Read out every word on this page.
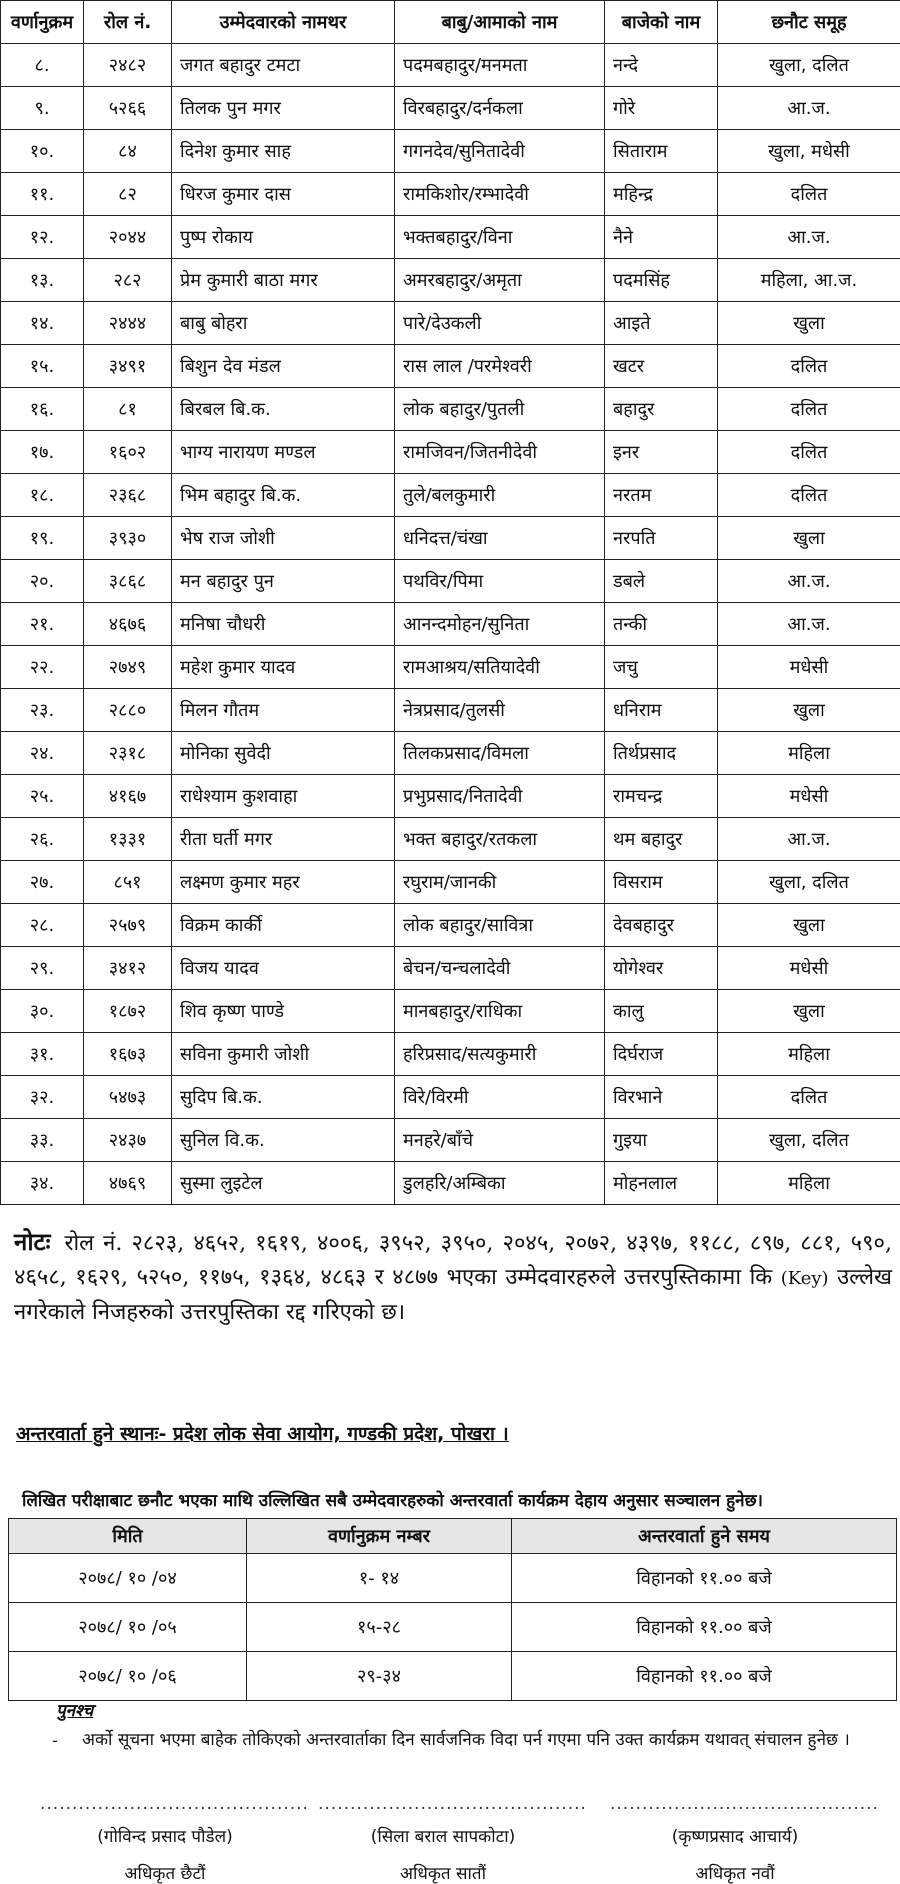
वर्णानुक्रम	रोल नं.	उम्मेदवारको नामथर	बाबु/आमाको नाम	बाजेको नाम	छनौट समूह
८.	२४८२	जगत बहादुर टमटा	पदमबहादुर/मनमता	नन्दे	खुला, दलित
९.	५२६६	तिलक पुन मगर	विरबहादुर/दर्नकला	गोरे	आ.ज.
१०.	८४	दिनेश कुमार साह	गगनदेव/सुनितादेवी	सिताराम	खुला, मधेसी
११.	८२	धिरज कुमार दास	रामकिशोर/रम्भादेवी	महिन्द्र	दलित
१२.	२०४४	पुष्प रोकाय	भक्तबहादुर/विना	नैने	आ.ज.
१३.	२८२	प्रेम कुमारी बाठा मगर	अमरबहादुर/अमृता	पदमसिंह	महिला, आ.ज.
१४.	२४४४	बाबु बोहरा	पारे/देउकली	आइते	खुला
१५.	३४९१	बिशुन देव मंडल	रास लाल /परमेश्वरी	खटर	दलित
१६.	८१	बिरबल बि.क.	लोक बहादुर/पुतली	बहादुर	दलित
१७.	१६०२	भाग्य नारायण मण्डल	रामजिवन/जितनीदेवी	इनर	दलित
१८.	२३६८	भिम बहादुर बि.क.	तुले/बलकुमारी	नरतम	दलित
१९.	३९३०	भेष राज जोशी	धनिदत्त/चंखा	नरपति	खुला
२०.	३८६८	मन बहादुर पुन	पथविर/पिमा	डबले	आ.ज.
२१.	४६७६	मनिषा चौधरी	आनन्दमोहन/सुनिता	तन्की	आ.ज.
२२.	२७४९	महेश कुमार यादव	रामआश्रय/सतियादेवी	जचु	मधेसी
२३.	२८८०	मिलन गौतम	नेत्रप्रसाद/तुलसी	धनिराम	खुला
२४.	२३१८	मोनिका सुवेदी	तिलकप्रसाद/विमला	तिर्थप्रसाद	महिला
२५.	४१६७	राधेश्याम कुशवाहा	प्रभुप्रसाद/नितादेवी	रामचन्द्र	मधेसी
२६.	१३३१	रीता घर्ती मगर	भक्त बहादुर/रतकला	थम बहादुर	आ.ज.
२७.	८५१	लक्ष्मण कुमार महर	रघुराम/जानकी	विसराम	खुला, दलित
२८.	२५७९	विक्रम कार्की	लोक बहादुर/सावित्रा	देवबहादुर	खुला
२९.	३४१२	विजय यादव	बेचन/चन्चलादेवी	योगेश्वर	मधेसी
३०.	१८७२	शिव कृष्ण पाण्डे	मानबहादुर/राधिका	कालु	खुला
३१.	१६७३	सविना कुमारी जोशी	हरिप्रसाद/सत्यकुमारी	दिर्घराज	महिला
३२.	५४७३	सुदिप बि.क.	विरे/विरमी	विरभाने	दलित
३३.	२४३७	सुनिल वि.क.	मनहरे/बाँचे	गुइया	खुला, दलित
३४.	४७६९	सुस्मा लुइटेल	डुलहरि/अम्बिका	मोहनलाल	महिला
नोटः रोल नं. २८२३, ४६५२, १६१९, ४००६, ३९५२, ३९५०, २०४५, २०७२, ४३९७, ११८८, ८९७, ८८१, ५९०, ४६५८, १६२९, ५२५०, ११७५, १३६४, ४८६३ र ४८७७ भएका उम्मेदवारहरुले उत्तरपुस्तिकामा कि (Key) उल्लेख नगरेकाले निजहरुको उत्तरपुस्तिका रद्द गरिएको छ।
अन्तरवार्ता हुने स्थानः- प्रदेश लोक सेवा आयोग, गण्डकी प्रदेश, पोखरा ।
लिखित परीक्षाबाट छनौट भएका माथि उल्लिखित सबै उम्मेदवारहरुको अन्तरवार्ता कार्यक्रम देहाय अनुसार सञ्चालन हुनेछ।
मिति	वर्णानुक्रम नम्बर	अन्तरवार्ता हुने समय
२०७८/ १० /०४	१- १४	विहानको ११.०० बजे
२०७८/ १० /०५	१५-२८	विहानको ११.०० बजे
२०७८/ १० /०६	२९-३४	विहानको ११.०० बजे
पुनश्च
- अर्को सूचना भएमा बाहेक तोकिएको अन्तरवार्ताका दिन सार्वजनिक विदा पर्न गएमा पनि उक्त कार्यक्रम यथावत् संचालन हुनेछ ।
..........................................
(गोविन्द प्रसाद पौडेल)
अधिकृत छैटौं
..........................................
(सिला बराल सापकोटा)
अधिकृत सातौं
..........................................
(कृष्णप्रसाद आचार्य)
अधिकृत नवौं
